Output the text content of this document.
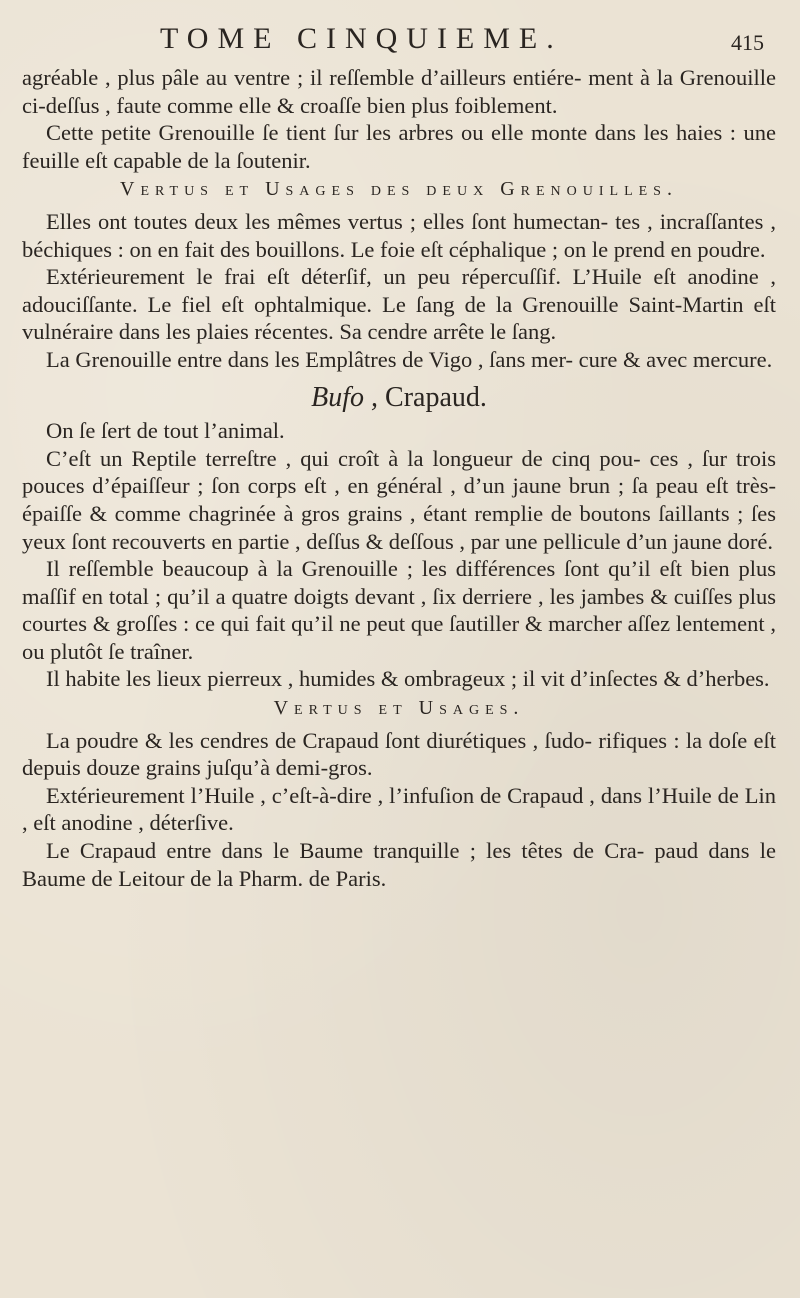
TOME CINQUIEME.	415

agréable , plus pâle au ventre ; il reſſemble d’ailleurs entiére- ment à la Grenouille ci-deſſus , faute comme elle & croaſſe bien plus foiblement.

Cette petite Grenouille ſe tient ſur les arbres ou elle monte dans les haies : une feuille eſt capable de la ſoutenir.

Vertus et Usages des deux Grenouilles.

Elles ont toutes deux les mêmes vertus ; elles ſont humectan- tes , incraſſantes , béchiques : on en fait des bouillons. Le foie eſt céphalique ; on le prend en poudre.

Extérieurement le frai eſt déterſif, un peu répercuſſif. L’Huile eſt anodine , adouciſſante. Le fiel eſt ophtalmique. Le ſang de la Grenouille Saint-Martin eſt vulnéraire dans les plaies récentes. Sa cendre arrête le ſang.

La Grenouille entre dans les Emplâtres de Vigo , ſans mer- cure & avec mercure.

Bufo , Crapaud.

On ſe ſert de tout l’animal.

C’eſt un Reptile terreſtre , qui croît à la longueur de cinq pou- ces , ſur trois pouces d’épaiſſeur ; ſon corps eſt , en général , d’un jaune brun ; ſa peau eſt très-épaiſſe & comme chagrinée à gros grains , étant remplie de boutons ſaillants ; ſes yeux ſont recouverts en partie , deſſus & deſſous , par une pellicule d’un jaune doré.

Il reſſemble beaucoup à la Grenouille ; les différences ſont qu’il eſt bien plus maſſif en total ; qu’il a quatre doigts devant , ſix derriere , les jambes & cuiſſes plus courtes & groſſes : ce qui fait qu’il ne peut que ſautiller & marcher aſſez lentement , ou plutôt ſe traîner.

Il habite les lieux pierreux , humides & ombrageux ; il vit d’inſectes & d’herbes.

Vertus et Usages.

La poudre & les cendres de Crapaud ſont diurétiques , ſudo- rifiques : la doſe eſt depuis douze grains juſqu’à demi-gros.

Extérieurement l’Huile , c’eſt-à-dire , l’infuſion de Crapaud , dans l’Huile de Lin , eſt anodine , déterſive.

Le Crapaud entre dans le Baume tranquille ; les têtes de Cra- paud dans le Baume de Leitour de la Pharm. de Paris.
